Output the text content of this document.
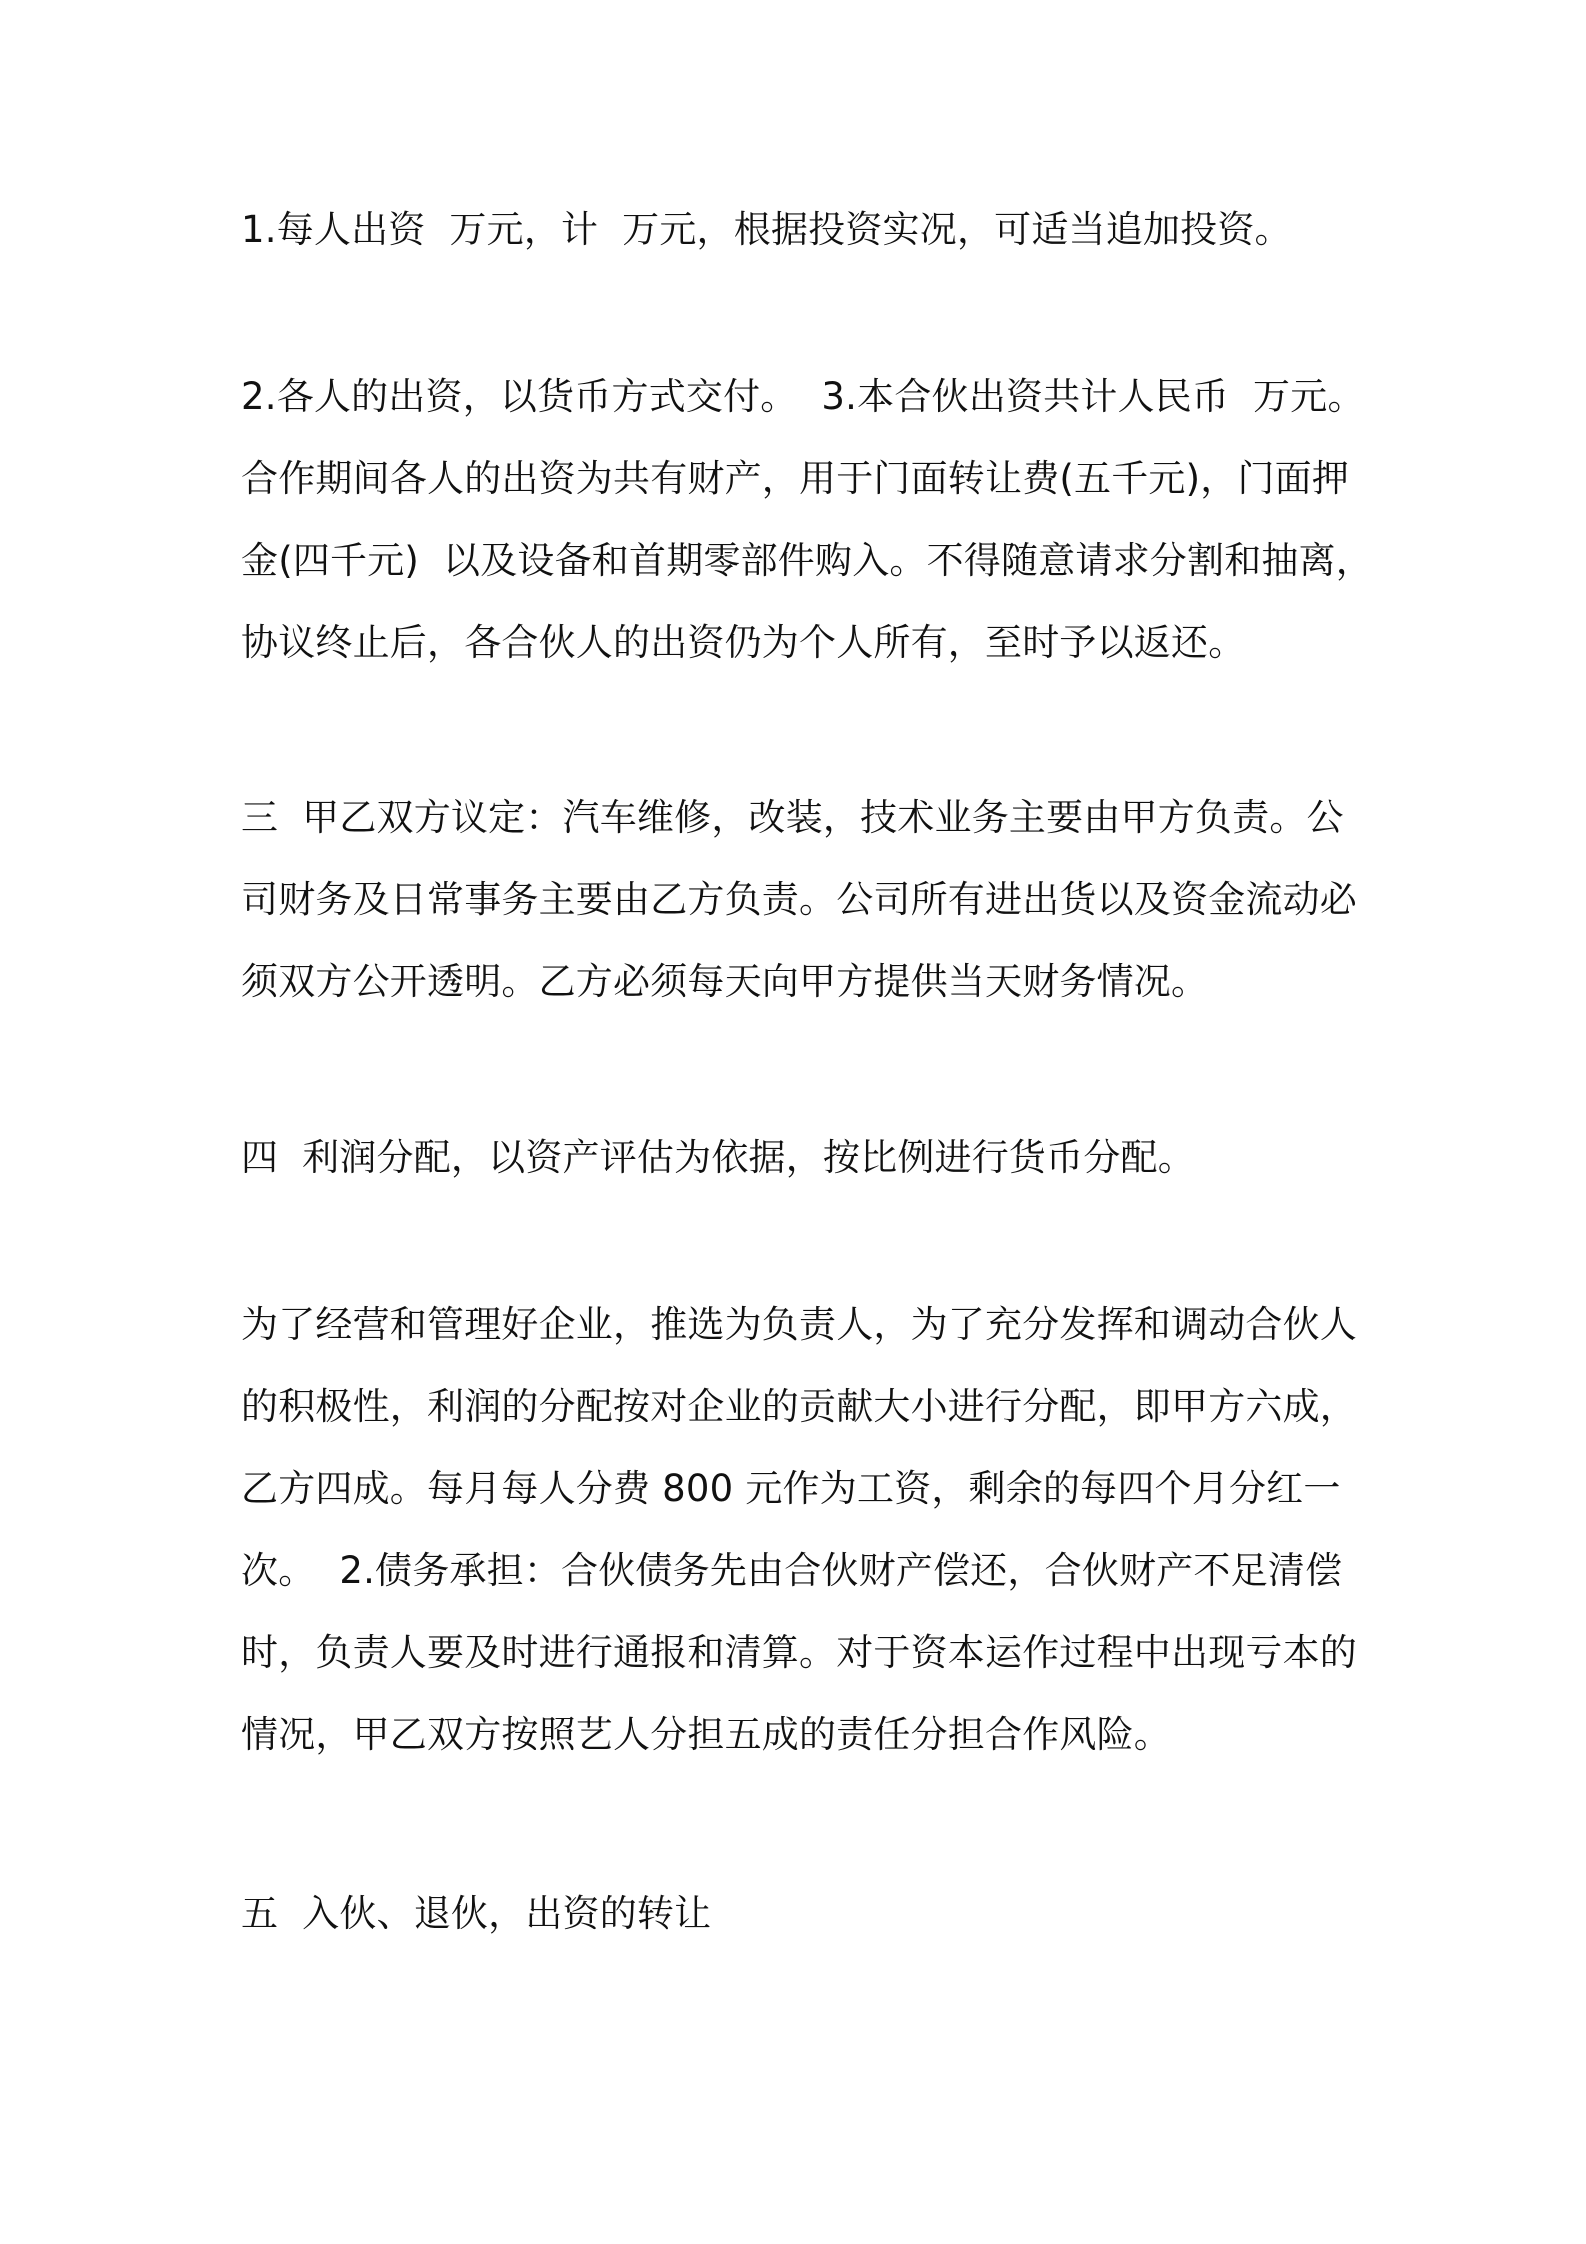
1.每人出资  万元，计  万元，根据投资实况，可适当追加投资。

2.各人的出资，以货币方式交付。  3.本合伙出资共计人民币  万元。
合作期间各人的出资为共有财产，用于门面转让费(五千元)，门面押
金(四千元)  以及设备和首期零部件购入。不得随意请求分割和抽离，
协议终止后，各合伙人的出资仍为个人所有，至时予以返还。

三  甲乙双方议定：汽车维修，改装，技术业务主要由甲方负责。公
司财务及日常事务主要由乙方负责。公司所有进出货以及资金流动必
须双方公开透明。乙方必须每天向甲方提供当天财务情况。

四  利润分配，以资产评估为依据，按比例进行货币分配。

为了经营和管理好企业，推选为负责人，为了充分发挥和调动合伙人
的积极性，利润的分配按对企业的贡献大小进行分配，即甲方六成，
乙方四成。每月每人分费 800 元作为工资，剩余的每四个月分红一
次。  2.债务承担：合伙债务先由合伙财产偿还，合伙财产不足清偿
时，负责人要及时进行通报和清算。对于资本运作过程中出现亏本的
情况，甲乙双方按照艺人分担五成的责任分担合作风险。

五  入伙、退伙，出资的转让
